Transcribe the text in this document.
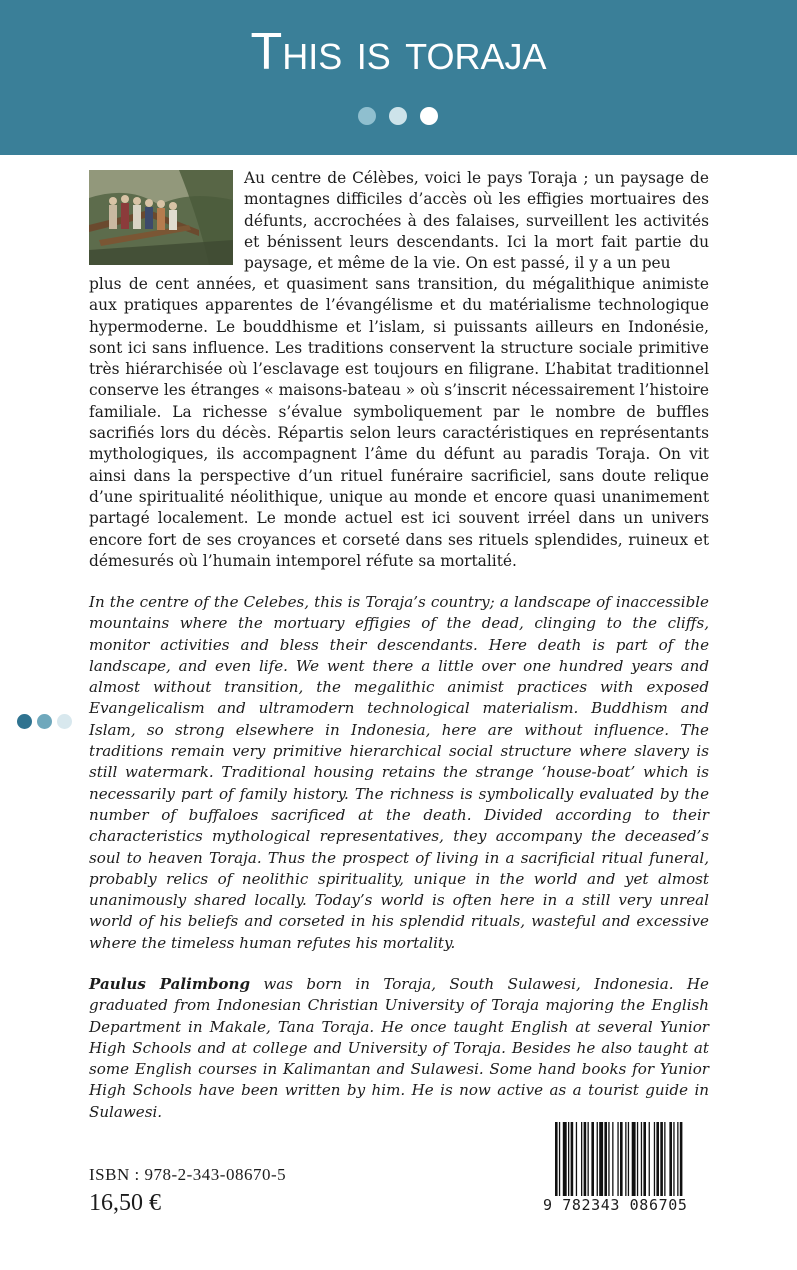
This is toraja

Au centre de Célèbes, voici le pays Toraja ; un paysage de montagnes difficiles d’accès où les effigies mortuaires des défunts, accrochées à des falaises, surveillent les activités et bénissent leurs descendants. Ici la mort fait partie du paysage, et même de la vie. On est passé, il y a un peu

plus de cent années, et quasiment sans transition, du mégalithique animiste aux pratiques apparentes de l’évangélisme et du matérialisme technologique hypermoderne. Le bouddhisme et l’islam, si puissants ailleurs en Indonésie, sont ici sans influence. Les traditions conservent la structure sociale primitive très hiérarchisée où l’esclavage est toujours en filigrane. L’habitat traditionnel conserve les étranges « maisons-bateau » où s’inscrit nécessairement l’histoire familiale. La richesse s’évalue symboliquement par le nombre de buffles sacrifiés lors du décès. Répartis selon leurs caractéristiques en représentants mythologiques, ils accompagnent l’âme du défunt au paradis Toraja. On vit ainsi dans la perspective d’un rituel funéraire sacrificiel, sans doute relique d’une spiritualité néolithique, unique au monde et encore quasi unanimement partagé localement. Le monde actuel est ici souvent irréel dans un univers encore fort de ses croyances et corseté dans ses rituels splendides, ruineux et démesurés où l’humain intemporel réfute sa mortalité.

In the centre of the Celebes, this is Toraja’s country; a landscape of inaccessible mountains where the mortuary effigies of the dead, clinging to the cliffs, monitor activities and bless their descendants. Here death is part of the landscape, and even life. We went there a little over one hundred years and almost without transition, the megalithic animist practices with exposed Evangelicalism and ultramodern technological materialism. Buddhism and Islam, so strong elsewhere in Indonesia, here are without influence. The traditions remain very primitive hierarchical social structure where slavery is still watermark. Traditional housing retains the strange ‘house-boat’ which is necessarily part of family history. The richness is symbolically evaluated by the number of buffaloes sacrificed at the death. Divided according to their characteristics mythological representatives, they accompany the deceased’s soul to heaven Toraja. Thus the prospect of living in a sacrificial ritual funeral, probably relics of neolithic spirituality, unique in the world and yet almost unanimously shared locally. Today’s world is often here in a still very unreal world of his beliefs and corseted in his splendid rituals, wasteful and excessive where the timeless human refutes his mortality.

Paulus Palimbong was born in Toraja, South Sulawesi, Indonesia. He graduated from Indonesian Christian University of Toraja majoring the English Department in Makale, Tana Toraja. He once taught English at several Yunior High Schools and at college and University of Toraja. Besides he also taught at some English courses in Kalimantan and Sulawesi. Some hand books for Yunior High Schools have been written by him. He is now active as a tourist guide in Sulawesi.

ISBN : 978-2-343-08670-5
16,50 €	9 782343 086705
